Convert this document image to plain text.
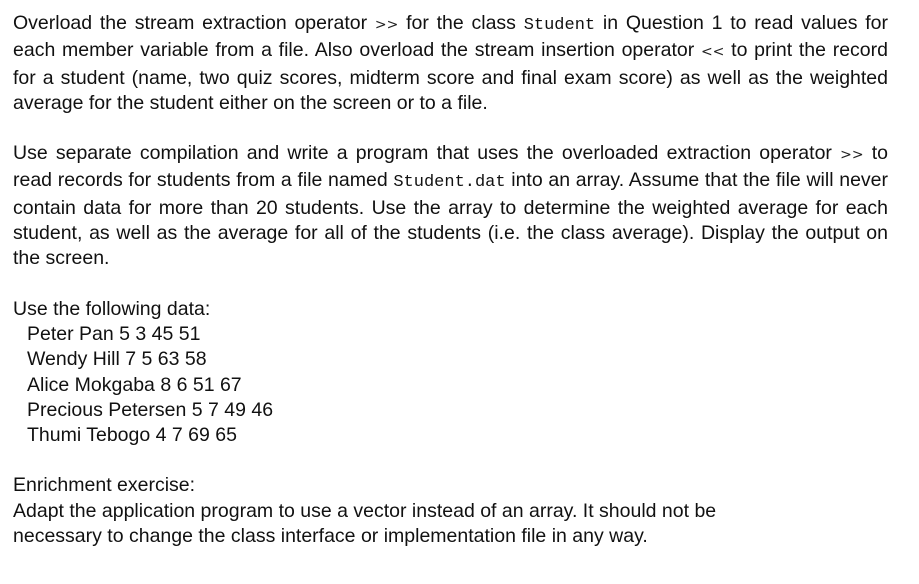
Overload the stream extraction operator >> for the class Student in Question 1 to read values for each member variable from a file. Also overload the stream insertion operator << to print the record for a student (name, two quiz scores, midterm score and final exam score) as well as the weighted average for the student either on the screen or to a file.

Use separate compilation and write a program that uses the overloaded extraction operator >> to read records for students from a file named Student.dat into an array. Assume that the file will never contain data for more than 20 students. Use the array to determine the weighted average for each student, as well as the average for all of the students (i.e. the class average). Display the output on the screen.

Use the following data:

Peter Pan 5 3 45 51
Wendy Hill 7 5 63 58
Alice Mokgaba 8 6 51 67
Precious Petersen 5 7 49 46
Thumi Tebogo 4 7 69 65

Enrichment exercise:

Adapt the application program to use a vector instead of an array. It should not be

necessary to change the class interface or implementation file in any way.
